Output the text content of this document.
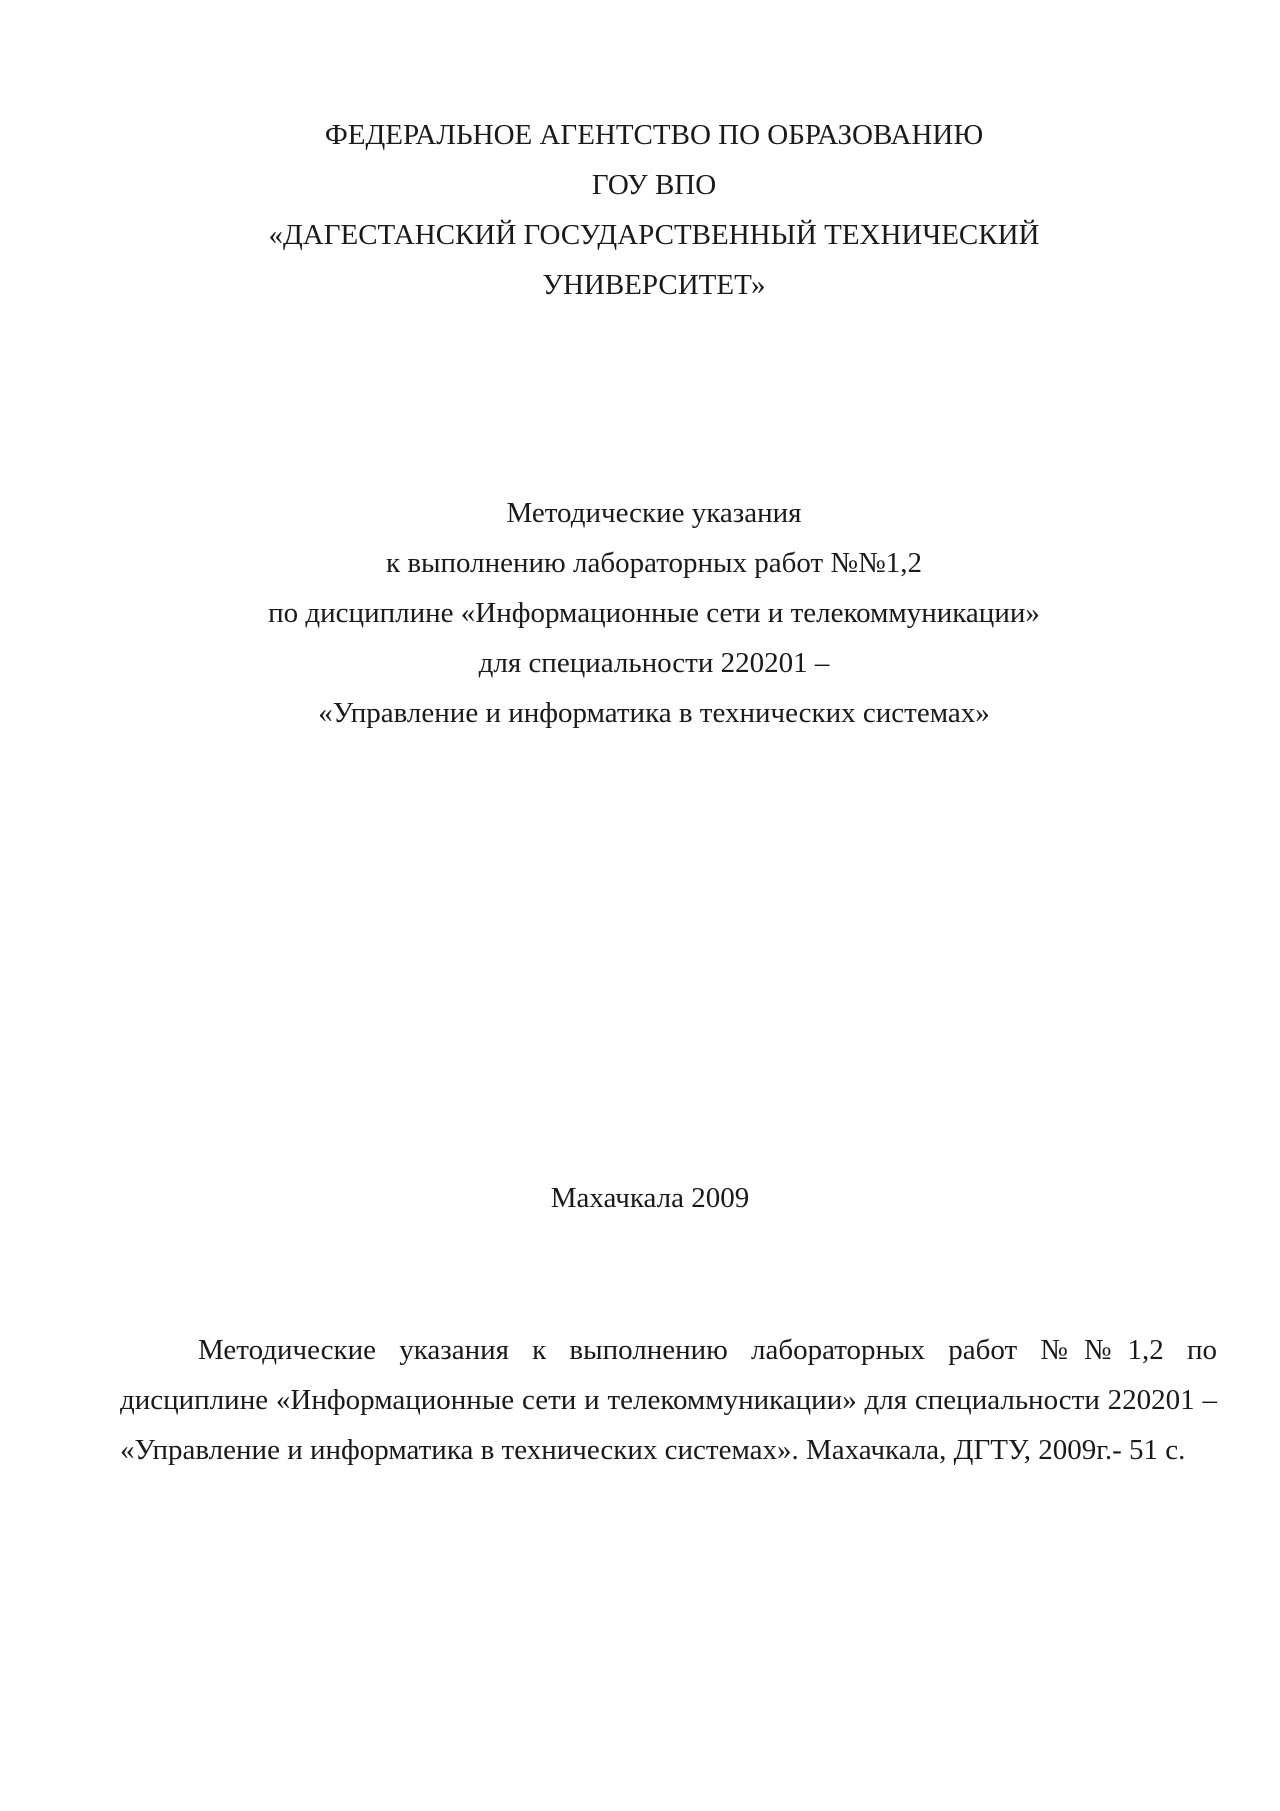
ФЕДЕРАЛЬНОЕ АГЕНТСТВО ПО ОБРАЗОВАНИЮ
ГОУ ВПО
«ДАГЕСТАНСКИЙ ГОСУДАРСТВЕННЫЙ ТЕХНИЧЕСКИЙ
УНИВЕРСИТЕТ»
Методические указания
к выполнению лабораторных работ №№1,2
по дисциплине «Информационные сети и телекоммуникации»
для специальности 220201 –
«Управление и информатика в технических системах»
Махачкала 2009

Методические указания к выполнению лабораторных работ №№1,2 по дисциплине «Информационные сети и телекоммуникации» для специальности 220201 – «Управление и информатика в технических системах». Махачкала, ДГТУ, 2009г.- 51 с.
